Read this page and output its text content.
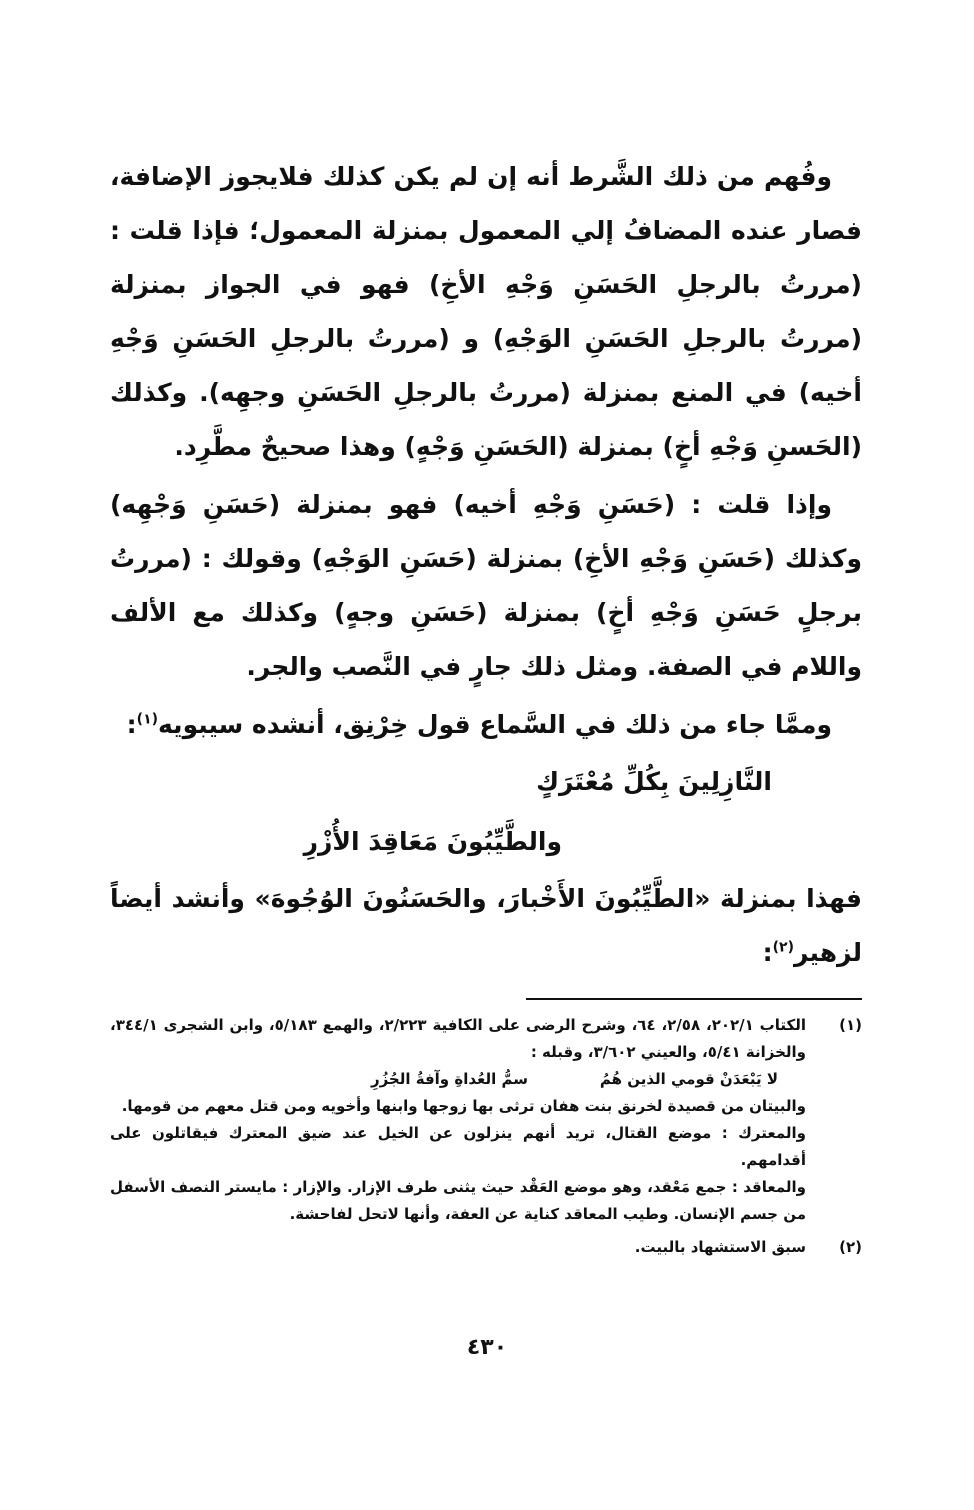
وفُهم من ذلك الشَّرط أنه إن لم يكن كذلك فلايجوز الإضافة، فصار عنده المضافُ إلي المعمول بمنزلة المعمول؛ فإذا قلت : (مررتُ بالرجلِ الحَسَنِ وَجْهِ الأخِ) فهو في الجواز بمنزلة (مررتُ بالرجلِ الحَسَنِ الوَجْهِ) و (مررتُ بالرجلِ الحَسَنِ وَجْهِ أخيه) في المنع بمنزلة (مررتُ بالرجلِ الحَسَنِ وجهِه). وكذلك (الحَسنِ وَجْهِ أخٍ) بمنزلة (الحَسَنِ وَجْهٍ) وهذا صحيحٌ مطَّرِد.

وإذا قلت : (حَسَنِ وَجْهِ أخيه) فهو بمنزلة (حَسَنِ وَجْهِه) وكذلك (حَسَنِ وَجْهِ الأخِ) بمنزلة (حَسَنِ الوَجْهِ) وقولك : (مررتُ برجلٍ حَسَنِ وَجْهِ أخٍ) بمنزلة (حَسَنِ وجهٍ) وكذلك مع الألف واللام في الصفة. ومثل ذلك جارٍ في النَّصب والجر.

وممَّا جاء من ذلك في السَّماع قول خِرْنِق، أنشده سيبويه$^{(١)}$:

النَّازِلِينَ بِكُلِّ مُعْتَرَكٍ

والطَّيِّبُونَ مَعَاقِدَ الأُزْرِ

فهذا بمنزلة «الطَّيِّبُونَ الأَخْبارَ، والحَسَنُونَ الوُجُوهَ» وأنشد أيضاً لزهير$^{(٢)}$:

(١)

الكتاب ٢٠٢/١، ٢/٥٨، ٦٤، وشرح الرضى على الكافية ٢/٢٢٣، والهمع ٥/١٨٣، وابن الشجرى ٣٤٤/١، والخزانة ٥/٤١، والعيني ٣/٦٠٢، وقبله :

لا يَبْعَدَنْ قومي الذين هُمُ
سمُّ العُداةِ وآفةُ الجُزُرِ

والبيتان من قصيدة لخرنق بنت هفان ترثى بها زوجها وابنها وأخويه ومن قتل معهم من قومها.

والمعترك : موضع القتال، تريد أنهم ينزلون عن الخيل عند ضيق المعترك فيقاتلون على أقدامهم.

والمعاقد : جمع مَعْقد، وهو موضع العَقْد حيث يثنى طرف الإزار. والإزار : مايستر النصف الأسفل من جسم الإنسان. وطيب المعاقد كناية عن العفة، وأنها لاتحل لفاحشة.

(٢)

سبق الاستشهاد بالبيت.

٤٣٠
